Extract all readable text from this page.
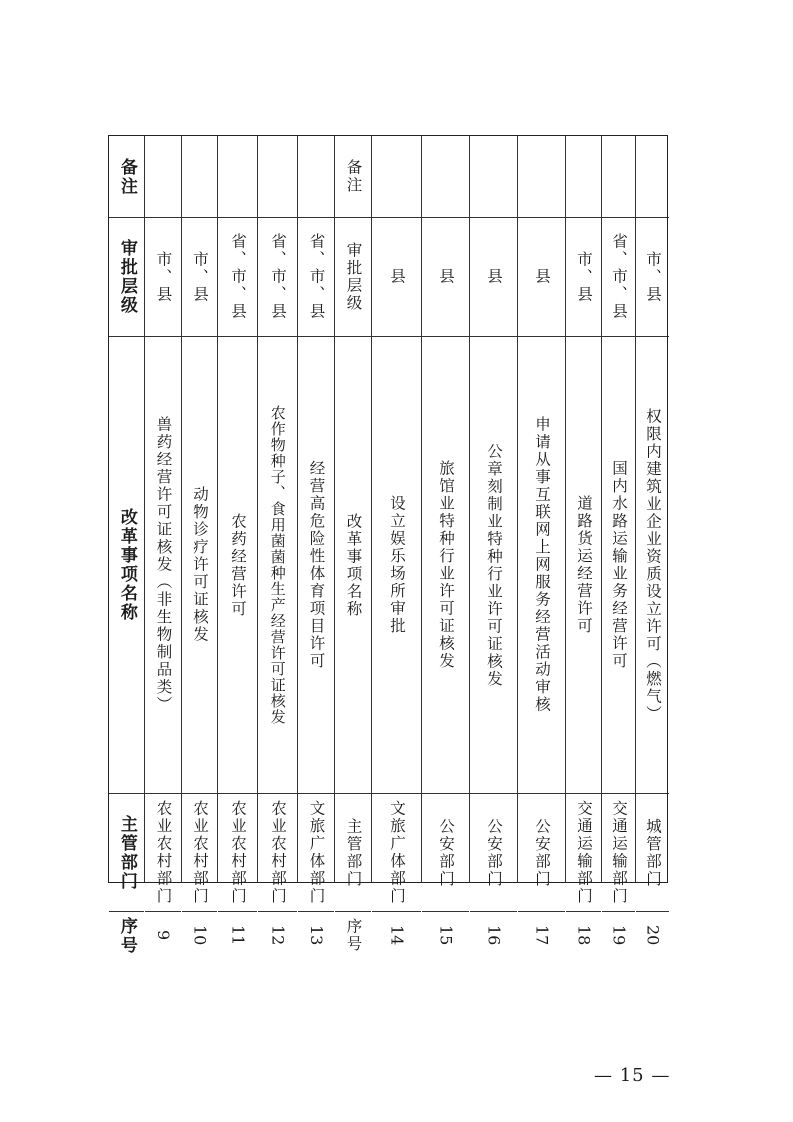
备注
审批层级
改革事项名称
主管部门
序号
市、县
兽药经营许可证核发（非生物制品类）
农业农村部门
9
市、县
动物诊疗许可证核发
农业农村部门
10
省、市、县
农药经营许可
农业农村部门
11
省、市、县
农作物种子、食用菌菌种生产经营许可证核发
农业农村部门
12
省、市、县
经营高危险性体育项目许可
文旅广体部门
13
备注
审批层级
改革事项名称
主管部门
序号
县
设立娱乐场所审批
文旅广体部门
14
县
旅馆业特种行业许可证核发
公安部门
15
县
公章刻制业特种行业许可证核发
公安部门
16
县
申请从事互联网上网服务经营活动审核
公安部门
17
市、县
道路货运经营许可
交通运输部门
18
省、市、县
国内水路运输业务经营许可
交通运输部门
19
市、县
权限内建筑业企业资质设立许可（燃气）
城管部门
20
— 15 —
